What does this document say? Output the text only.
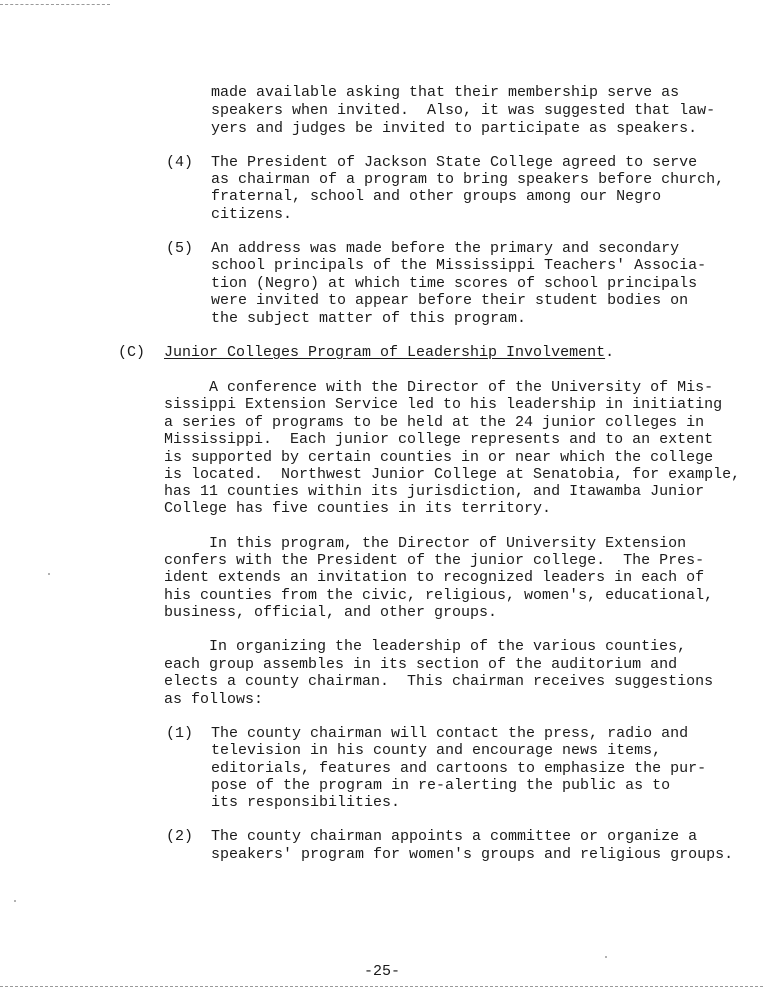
made available asking that their membership serve as
speakers when invited.  Also, it was suggested that law-
yers and judges be invited to participate as speakers.
(4) The President of Jackson State College agreed to serve
as chairman of a program to bring speakers before church,
fraternal, school and other groups among our Negro
citizens.
(5) An address was made before the primary and secondary
school principals of the Mississippi Teachers' Associa-
tion (Negro) at which time scores of school principals
were invited to appear before their student bodies on
the subject matter of this program.
(C) Junior Colleges Program of Leadership Involvement.
A conference with the Director of the University of Mis-
sissippi Extension Service led to his leadership in initiating
a series of programs to be held at the 24 junior colleges in
Mississippi.  Each junior college represents and to an extent
is supported by certain counties in or near which the college
is located.  Northwest Junior College at Senatobia, for example,
has 11 counties within its jurisdiction, and Itawamba Junior
College has five counties in its territory.
In this program, the Director of University Extension
confers with the President of the junior college.  The Pres-
ident extends an invitation to recognized leaders in each of
his counties from the civic, religious, women's, educational,
business, official, and other groups.
In organizing the leadership of the various counties,
each group assembles in its section of the auditorium and
elects a county chairman.  This chairman receives suggestions
as follows:
(1) The county chairman will contact the press, radio and
television in his county and encourage news items,
editorials, features and cartoons to emphasize the pur-
pose of the program in re-alerting the public as to
its responsibilities.
(2) The county chairman appoints a committee or organize a
speakers' program for women's groups and religious groups.
-25-
